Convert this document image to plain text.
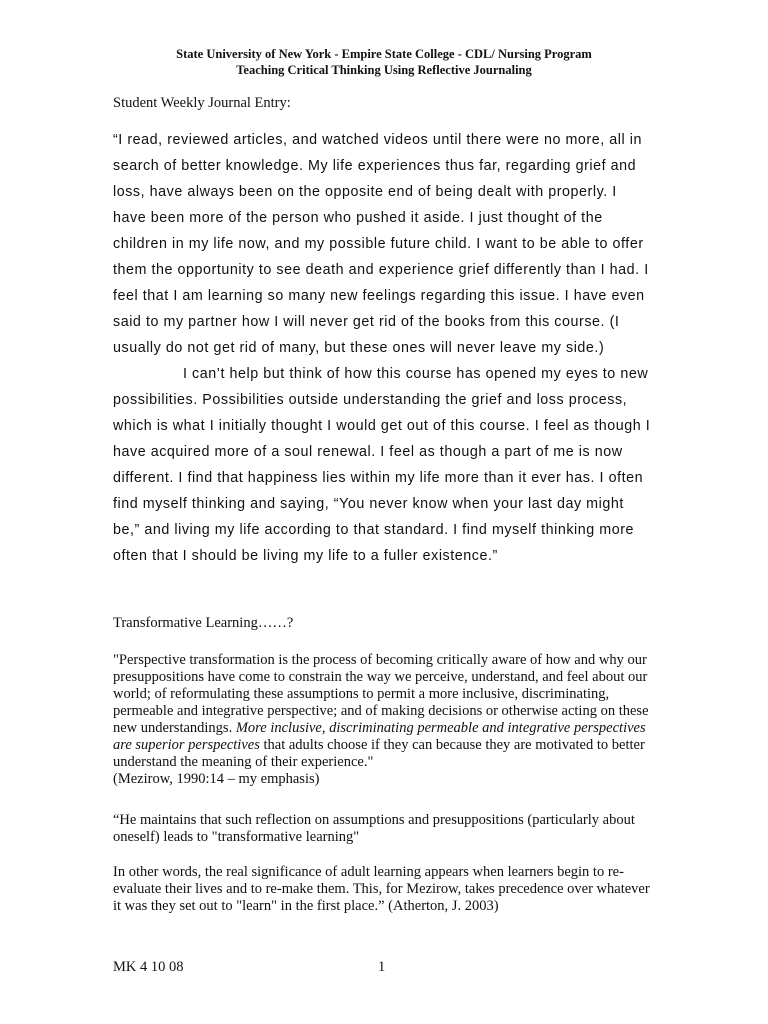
State University of New York - Empire State College - CDL/ Nursing Program
Teaching Critical Thinking Using Reflective Journaling
Student Weekly Journal Entry:

“I read, reviewed articles, and watched videos until there were no more, all in search of better knowledge. My life experiences thus far, regarding grief and loss, have always been on the opposite end of being dealt with properly. I have been more of the person who pushed it aside. I just thought of the children in my life now, and my possible future child. I want to be able to offer them the opportunity to see death and experience grief differently than I had. I feel that I am learning so many new feelings regarding this issue. I have even said to my partner how I will never get rid of the books from this course. (I usually do not get rid of many, but these ones will never leave my side.)

I can’t help but think of how this course has opened my eyes to new possibilities. Possibilities outside understanding the grief and loss process, which is what I initially thought I would get out of this course. I feel as though I have acquired more of a soul renewal. I feel as though a part of me is now different. I find that happiness lies within my life more than it ever has. I often find myself thinking and saying, “You never know when your last day might be,” and living my life according to that standard. I find myself thinking more often that I should be living my life to a fuller existence.”

Transformative Learning……?

"Perspective transformation is the process of becoming critically aware of how and why our presuppositions have come to constrain the way we perceive, understand, and feel about our world; of reformulating these assumptions to permit a more inclusive, discriminating, permeable and integrative perspective; and of making decisions or otherwise acting on these new understandings. More inclusive, discriminating permeable and integrative perspectives are superior perspectives that adults choose if they can because they are motivated to better understand the meaning of their experience."

(Mezirow, 1990:14 – my emphasis)

“He maintains that such reflection on assumptions and presuppositions (particularly about oneself) leads to "transformative learning"
In other words, the real significance of adult learning appears when learners begin to re-evaluate their lives and to re-make them. This, for Mezirow, takes precedence over whatever it was they set out to "learn" in the first place.” (Atherton, J. 2003)
MK 4 10 08	1
